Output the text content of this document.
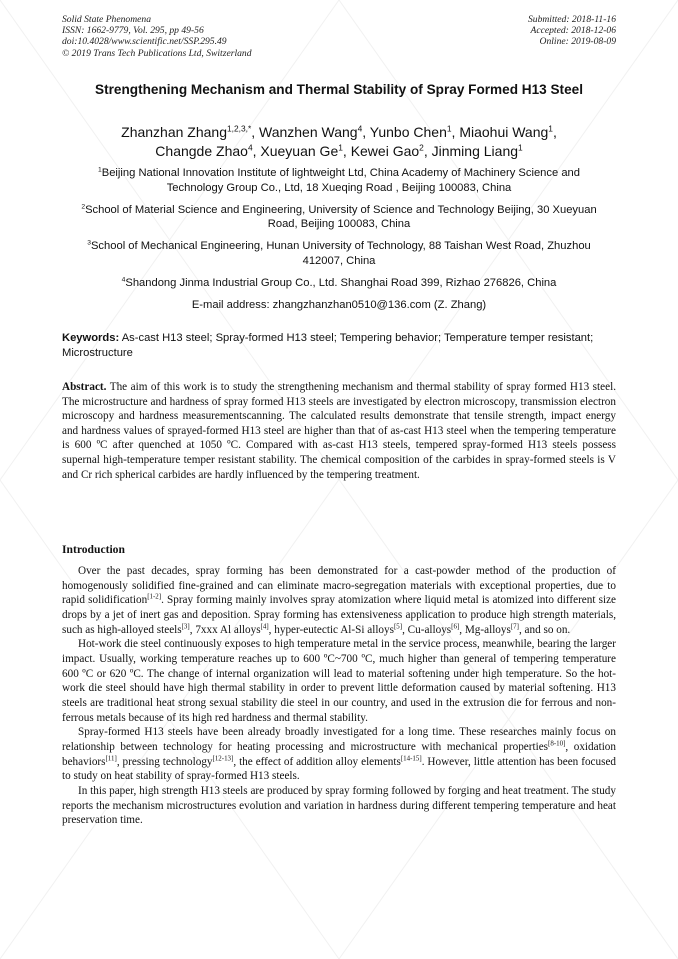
Solid State Phenomena
ISSN: 1662-9779, Vol. 295, pp 49-56
doi:10.4028/www.scientific.net/SSP.295.49
© 2019 Trans Tech Publications Ltd, Switzerland
Submitted: 2018-11-16
Accepted: 2018-12-06
Online: 2019-08-09
Strengthening Mechanism and Thermal Stability of Spray Formed H13 Steel
Zhanzhan Zhang$^{1,2,3,*}$, Wanzhen Wang$^4$, Yunbo Chen$^1$, Miaohui Wang$^1$,
Changde Zhao$^4$, Xueyuan Ge$^1$, Kewei Gao$^2$, Jinming Liang$^1$
$^1$Beijing National Innovation Institute of lightweight Ltd, China Academy of Machinery Science and Technology Group Co., Ltd, 18 Xueqing Road , Beijing 100083, China
$^2$School of Material Science and Engineering, University of Science and Technology Beijing, 30 Xueyuan Road, Beijing 100083, China
$^3$School of Mechanical Engineering, Hunan University of Technology, 88 Taishan West Road, Zhuzhou 412007, China
$^4$Shandong Jinma Industrial Group Co., Ltd. Shanghai Road 399, Rizhao 276826, China
E-mail address: zhangzhanzhan0510@136.com (Z. Zhang)
Keywords: As-cast H13 steel; Spray-formed H13 steel; Tempering behavior; Temperature temper resistant; Microstructure
Abstract. The aim of this work is to study the strengthening mechanism and thermal stability of spray formed H13 steel. The microstructure and hardness of spray formed H13 steels are investigated by electron microscopy, transmission electron microscopy and hardness measurementscanning. The calculated results demonstrate that tensile strength, impact energy and hardness values of sprayed-formed H13 steel are higher than that of as-cast H13 steel when the tempering temperature is 600 ºC after quenched at 1050 ºC. Compared with as-cast H13 steels, tempered spray-formed H13 steels possess supernal high-temperature temper resistant stability. The chemical composition of the carbides in spray-formed steels is V and Cr rich spherical carbides are hardly influenced by the tempering treatment.
Introduction

Over the past decades, spray forming has been demonstrated for a cast-powder method of the production of homogenously solidified fine-grained and can eliminate macro-segregation materials with exceptional properties, due to rapid solidification[1-2]. Spray forming mainly involves spray atomization where liquid metal is atomized into different size drops by a jet of inert gas and deposition. Spray forming has extensiveness application to produce high strength materials, such as high-alloyed steels[3], 7xxx Al alloys[4], hyper-eutectic Al-Si alloys[5], Cu-alloys[6], Mg-alloys[7], and so on.

Hot-work die steel continuously exposes to high temperature metal in the service process, meanwhile, bearing the larger impact. Usually, working temperature reaches up to 600 ºC~700 ºC, much higher than general of tempering temperature 600 ºC or 620 ºC. The change of internal organization will lead to material softening under high temperature. So the hot-work die steel should have high thermal stability in order to prevent little deformation caused by material softening. H13 steels are traditional heat strong sexual stability die steel in our country, and used in the extrusion die for ferrous and non-ferrous metals because of its high red hardness and thermal stability.

Spray-formed H13 steels have been already broadly investigated for a long time. These researches mainly focus on relationship between technology for heating processing and microstructure with mechanical properties[8-10], oxidation behaviors[11], pressing technology[12-13], the effect of addition alloy elements[14-15]. However, little attention has been focused to study on heat stability of spray-formed H13 steels.

In this paper, high strength H13 steels are produced by spray forming followed by forging and heat treatment. The study reports the mechanism microstructures evolution and variation in hardness during different tempering temperature and heat preservation time.
